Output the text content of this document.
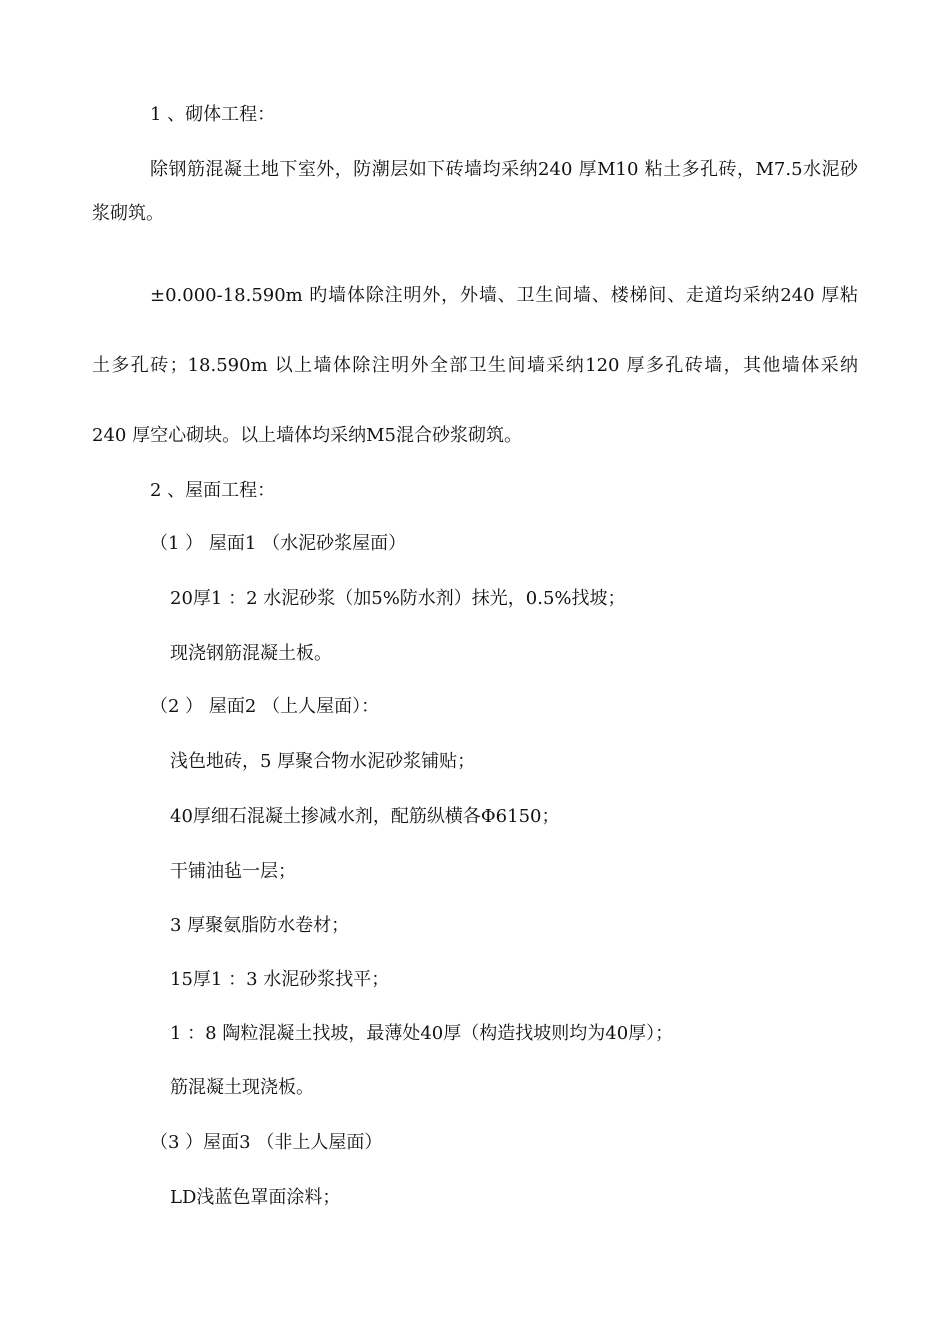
1 、砌体工程：
除钢筋混凝土地下室外，防潮层如下砖墙均采纳240 厚M10 粘土多孔砖，M7.5水泥砂
浆砌筑。
±0.000-18.590m 旳墙体除注明外，外墙、卫生间墙、楼梯间、走道均采纳240 厚粘
土多孔砖；18.590m 以上墙体除注明外全部卫生间墙采纳120 厚多孔砖墙，其他墙体采纳
240 厚空心砌块。以上墙体均采纳M5混合砂浆砌筑。
2 、屋面工程：
（1 ） 屋面1 （水泥砂浆屋面）
20厚1 ：2 水泥砂浆（加5%防水剂）抹光，0.5%找坡；
现浇钢筋混凝土板。
（2 ） 屋面2 （上人屋面）：
浅色地砖，5 厚聚合物水泥砂浆铺贴；
40厚细石混凝土掺减水剂，配筋纵横各Φ6150；
干铺油毡一层；
3 厚聚氨脂防水卷材；
15厚1 ：3 水泥砂浆找平；
1 ：8 陶粒混凝土找坡，最薄处40厚（构造找坡则均为40厚）；
筋混凝土现浇板。
（3 ）屋面3 （非上人屋面）
LD浅蓝色罩面涂料；
